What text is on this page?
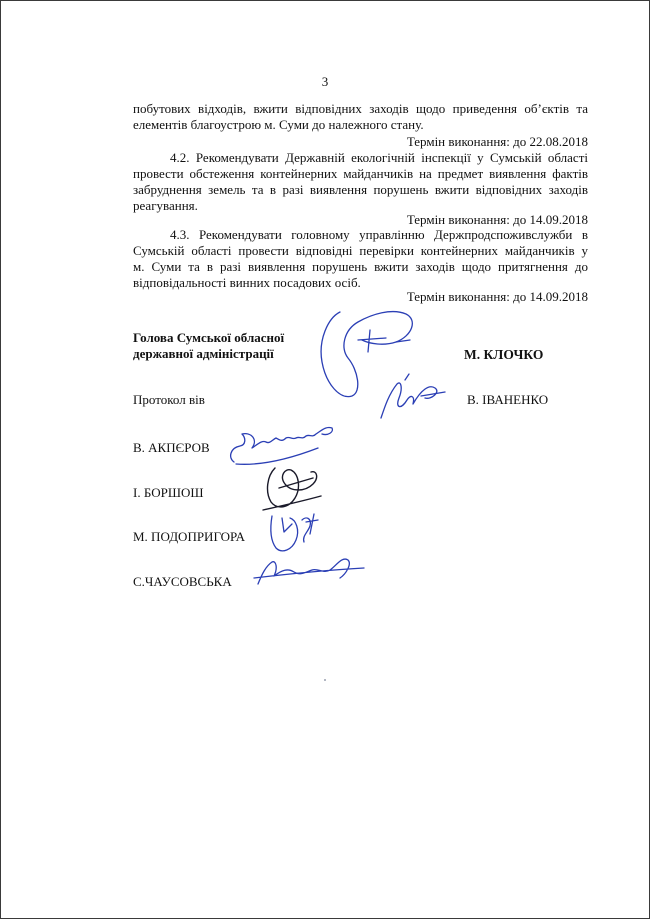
3
побутових відходів, вжити відповідних заходів щодо приведення об’єктів та
елементів благоустрою м. Суми до належного стану.
Термін виконання: до 22.08.2018
4.2. Рекомендувати Державній екологічній інспекції у Сумській області
провести обстеження контейнерних майданчиків на предмет виявлення фактів
забруднення земель та в разі виявлення порушень вжити відповідних заходів
реагування.
Термін виконання: до 14.09.2018
4.3. Рекомендувати головному управлінню Держпродспоживслужби в
Сумській області провести відповідні перевірки контейнерних майданчиків у
м. Суми та в разі виявлення порушень вжити заходів щодо притягнення до
відповідальності винних посадових осіб.
Термін виконання: до 14.09.2018
Голова Сумської обласної
державної адміністрації	М. КЛОЧКО
Протокол вів	В. ІВАНЕНКО
В. АКПЄРОВ
І. БОРШОШ
М. ПОДОПРИГОРА
С.ЧАУСОВСЬКА
